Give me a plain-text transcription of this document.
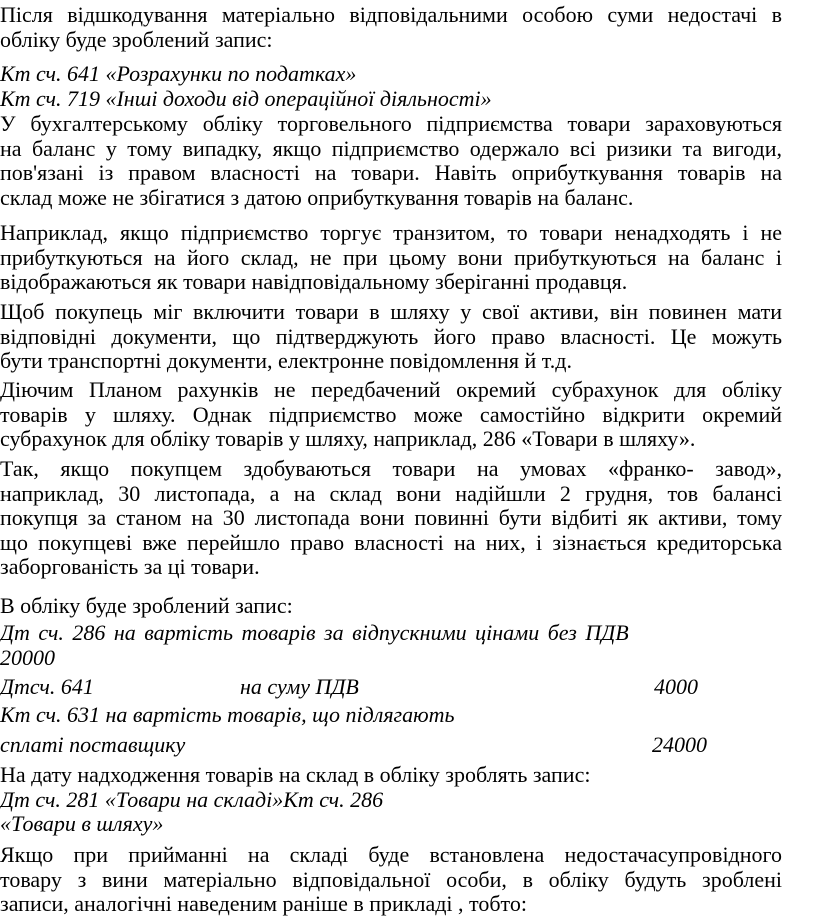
Після відшкодування матеріально відповідальними особою суми недостачі в
обліку буде зроблений запис:
Кт сч. 641 «Розрахунки по податках»
Кт сч. 719 «Інші доходи від операційної діяльності»
У бухгалтерському обліку торговельного підприємства товари зараховуються
на баланс у тому випадку, якщо підприємство одержало всі ризики та вигоди,
пов'язані із правом власності на товари. Навіть оприбуткування товарів на
склад може не збігатися з датою оприбуткування товарів на баланс.
Наприклад, якщо підприємство торгує транзитом, то товари ненадходять і не
прибуткуються на його склад, не при цьому вони прибуткуються на баланс і
відображаються як товари навідповідальному зберіганні продавця.
Щоб покупець міг включити товари в шляху у свої активи, він повинен мати
відповідні документи, що підтверджують його право власності. Це можуть
бути транспортні документи, електронне повідомлення й т.д.
Діючим Планом рахунків не передбачений окремий субрахунок для обліку
товарів у шляху. Однак підприємство може самостійно відкрити окремий
субрахунок для обліку товарів у шляху, наприклад, 286 «Товари в шляху».
Так, якщо покупцем здобуваються товари на умовах «франко- завод»,
наприклад, 30 листопада, а на склад вони надійшли 2 грудня, тов балансі
покупця за станом на 30 листопада вони повинні бути відбиті як активи, тому
що покупцеві вже перейшло право власності на них, і зізнається кредиторська
заборгованість за ці товари.
В обліку буде зроблений запис:
Дт сч. 286 на вартість товарів за відпускними цінами без ПДВ
20000
Дтсч. 641	на суму ПДВ	4000
Кт сч. 631 на вартість товарів, що підлягають
сплаті поставщику	24000
На дату надходження товарів на склад в обліку зроблять запис:
Дт сч. 281 «Товари на складі»Кт сч. 286
«Товари в шляху»
Якщо при прийманні на складі буде встановлена недостачасупровідного
товару з вини матеріально відповідальної особи, в обліку будуть зроблені
записи, аналогічні наведеним раніше в прикладі , тобто:
